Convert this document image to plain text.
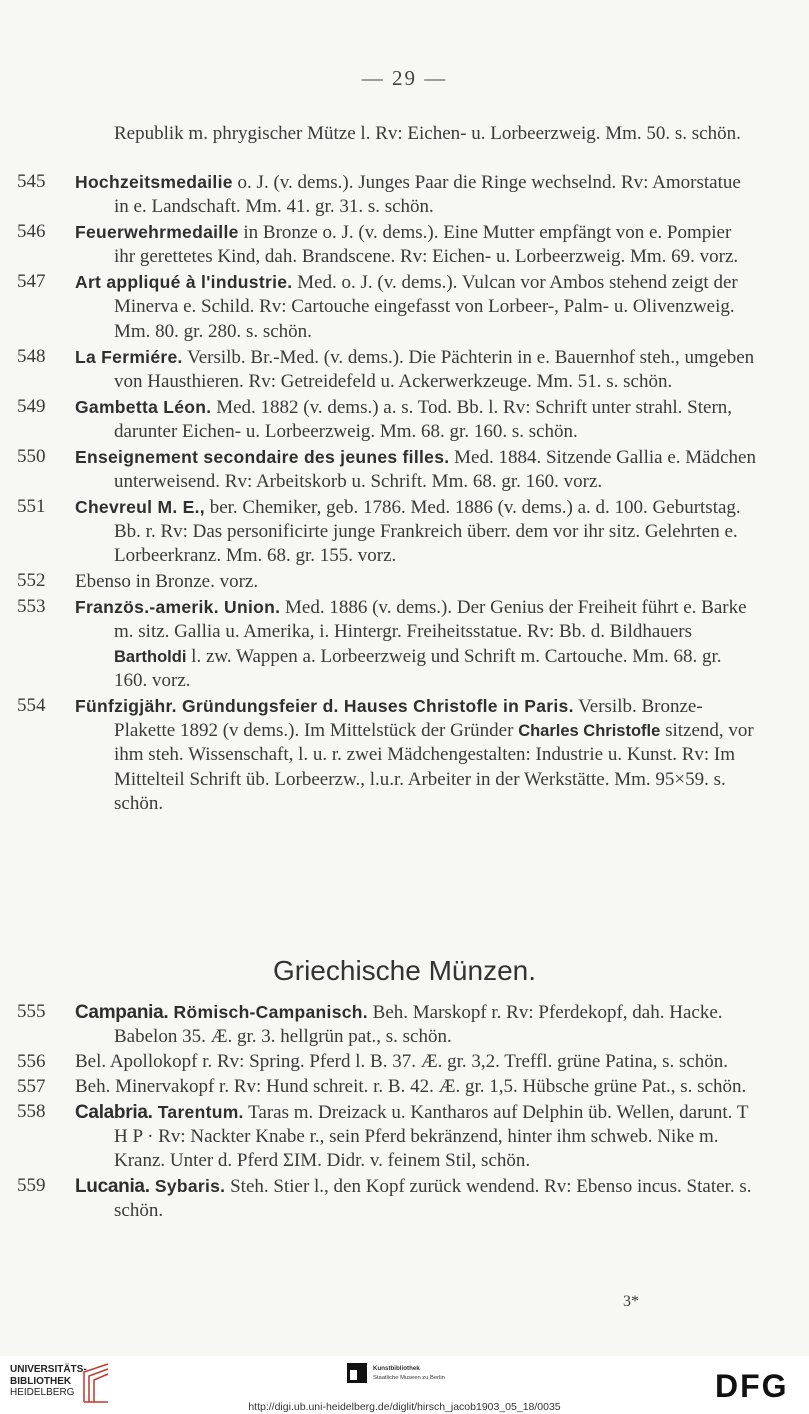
— 29 —
Republik m. phrygischer Mütze l. Rv: Eichen- u. Lorbeerzweig. Mm. 50. s. schön.
545	Hochzeitsmedailie o. J. (v. dems.). Junges Paar die Ringe wechselnd. Rv: Amorstatue in e. Landschaft. Mm. 41. gr. 31. s. schön.
546	Feuerwehrmedaille in Bronze o. J. (v. dems.). Eine Mutter empfängt von e. Pompier ihr gerettetes Kind, dah. Brandscene. Rv: Eichen- u. Lorbeerzweig. Mm. 69. vorz.
547	Art appliqué à l'industrie. Med. o. J. (v. dems.). Vulcan vor Ambos stehend zeigt der Minerva e. Schild. Rv: Cartouche eingefasst von Lorbeer-, Palm- u. Olivenzweig. Mm. 80. gr. 280. s. schön.
548	La Fermiére. Versilb. Br.-Med. (v. dems.). Die Pächterin in e. Bauernhof steh., umgeben von Hausthieren. Rv: Getreidefeld u. Ackerwerkzeuge. Mm. 51. s. schön.
549	Gambetta Léon. Med. 1882 (v. dems.) a. s. Tod. Bb. l. Rv: Schrift unter strahl. Stern, darunter Eichen- u. Lorbeerzweig. Mm. 68. gr. 160. s. schön.
550	Enseignement secondaire des jeunes filles. Med. 1884. Sitzende Gallia e. Mädchen unterweisend. Rv: Arbeitskorb u. Schrift. Mm. 68. gr. 160. vorz.
551	Chevreul M. E., ber. Chemiker, geb. 1786. Med. 1886 (v. dems.) a. d. 100. Geburtstag. Bb. r. Rv: Das personificirte junge Frankreich überr. dem vor ihr sitz. Gelehrten e. Lorbeerkranz. Mm. 68. gr. 155. vorz.
552	Ebenso in Bronze. vorz.
553	Französ.-amerik. Union. Med. 1886 (v. dems.). Der Genius der Freiheit führt e. Barke m. sitz. Gallia u. Amerika, i. Hintergr. Freiheitsstatue. Rv: Bb. d. Bildhauers Bartholdi l. zw. Wappen a. Lorbeerzweig und Schrift m. Cartouche. Mm. 68. gr. 160. vorz.
554	Fünfzigjähr. Gründungsfeier d. Hauses Christofle in Paris. Versilb. Bronze-Plakette 1892 (v dems.). Im Mittelstück der Gründer Charles Christofle sitzend, vor ihm steh. Wissenschaft, l. u. r. zwei Mädchengestalten: Industrie u. Kunst. Rv: Im Mittelteil Schrift üb. Lorbeerzw., l.u.r. Arbeiter in der Werkstätte. Mm. 95×59. s. schön.
Griechische Münzen.
555	Campania. Römisch-Campanisch. Beh. Marskopf r. Rv: Pferdekopf, dah. Hacke. Babelon 35. Æ. gr. 3. hellgrün pat., s. schön.
556	Bel. Apollokopf r. Rv: Spring. Pferd l. B. 37. Æ. gr. 3,2. Treffl. grüne Patina, s. schön.
557	Beh. Minervakopf r. Rv: Hund schreit. r. B. 42. Æ. gr. 1,5. Hübsche grüne Pat., s. schön.
558	Calabria. Tarentum. Taras m. Dreizack u. Kantharos auf Delphin üb. Wellen, darunt. T H P · Rv: Nackter Knabe r., sein Pferd bekränzend, hinter ihm schweb. Nike m. Kranz. Unter d. Pferd ΣIM. Didr. v. feinem Stil, schön.
559	Lucania. Sybaris. Steh. Stier l., den Kopf zurück wendend. Rv: Ebenso incus. Stater. s. schön.
3*
UNIVERSITÄTS-
BIBLIOTHEK
HEIDELBERG
Kunstbibliothek
Staatliche Museen zu Berlin	DFG
http://digi.ub.uni-heidelberg.de/diglit/hirsch_jacob1903_05_18/0035
